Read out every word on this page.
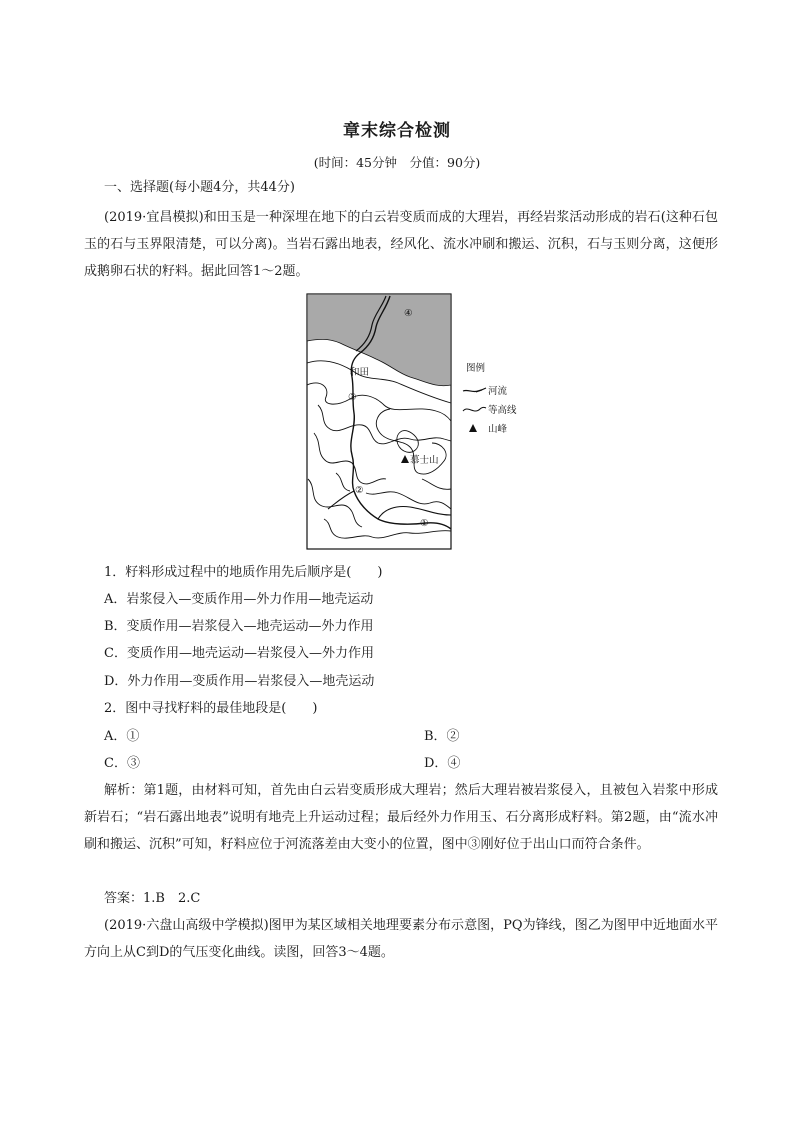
章末综合检测
(时间：45分钟　分值：90分)
一、选择题(每小题4分，共44分)
(2019·宜昌模拟)和田玉是一种深埋在地下的白云岩变质而成的大理岩，再经岩浆活动形成的岩石(这种石包玉的石与玉界限清楚，可以分离)。当岩石露出地表，经风化、流水冲刷和搬运、沉积，石与玉则分离，这便形成鹅卵石状的籽料。据此回答1～2题。
和田
慕士山
④
③
②
①
图例
河流
等高线
山峰
1．籽料形成过程中的地质作用先后顺序是(　　)
A．岩浆侵入—变质作用—外力作用—地壳运动
B．变质作用—岩浆侵入—地壳运动—外力作用
C．变质作用—地壳运动—岩浆侵入—外力作用
D．外力作用—变质作用—岩浆侵入—地壳运动
2．图中寻找籽料的最佳地段是(　　)
A．①	B．②
C．③	D．④
解析：第1题，由材料可知，首先由白云岩变质形成大理岩；然后大理岩被岩浆侵入，且被包入岩浆中形成新岩石；“岩石露出地表”说明有地壳上升运动过程；最后经外力作用玉、石分离形成籽料。第2题，由“流水冲刷和搬运、沉积”可知，籽料应位于河流落差由大变小的位置，图中③刚好位于出山口而符合条件。
答案：1.B　2.C
(2019·六盘山高级中学模拟)图甲为某区域相关地理要素分布示意图，PQ为锋线，图乙为图甲中近地面水平方向上从C到D的气压变化曲线。读图，回答3～4题。
